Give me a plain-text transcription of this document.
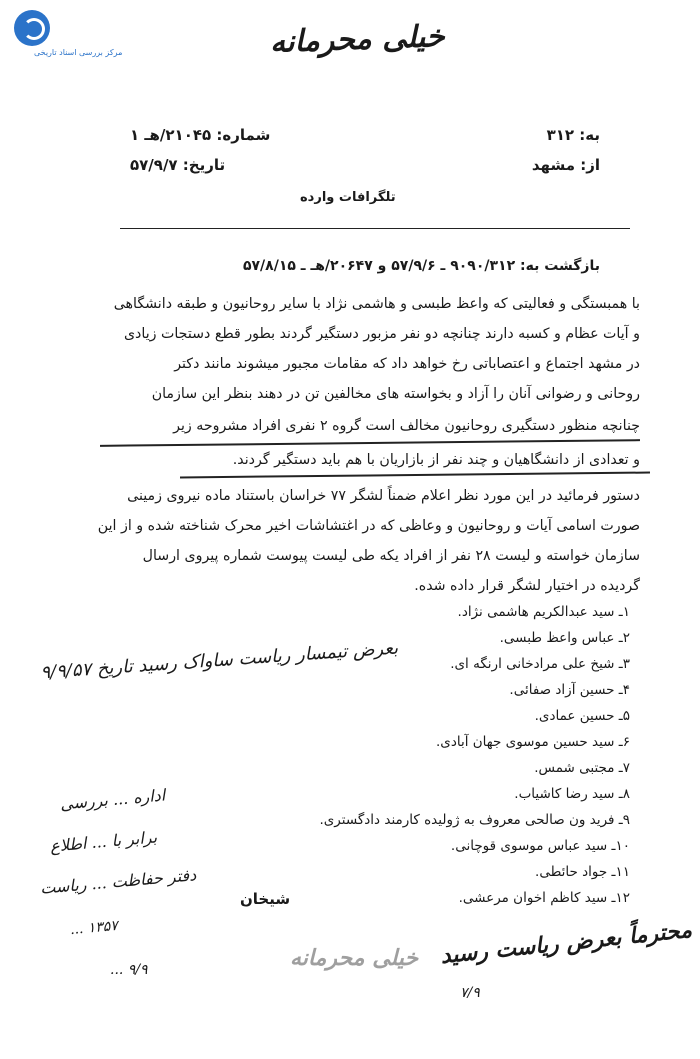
مرکز بررسی اسناد تاریخی	خیلی محرمانه
به: ۳۱۲
از: مشهد
شماره: ۲۱۰۴۵/هـ ۱
تاریخ: ۵۷/۹/۷
تلگرافات وارده
بازگشت به: ۹۰۹۰/۳۱۲ ـ ۵۷/۹/۶ و ۲۰۶۴۷/هـ ـ ۵۷/۸/۱۵
با همبستگی و فعالیتی که واعظ طبسی و هاشمی نژاد با سایر روحانیون و طبقه دانشگاهی
و آیات عظام و کسبه دارند چنانچه دو نفر مزبور دستگیر گردند بطور قطع دستجات زیادی
در مشهد اجتماع و اعتصاباتی رخ خواهد داد که مقامات مجبور میشوند مانند دکتر
روحانی و رضوانی آنان را آزاد و بخواسته های مخالفین تن در دهند بنظر این سازمان
چنانچه منظور دستگیری روحانیون مخالف است گروه ۲ نفری افراد مشروحه زیر
و تعدادی از دانشگاهیان و چند نفر از بازاریان با هم باید دستگیر گردند.
دستور فرمائید در این مورد نظر اعلام ضمناً لشگر ۷۷ خراسان باستناد ماده نیروی زمینی
صورت اسامی آیات و روحانیون و وعاظی که در اغتشاشات اخیر محرک شناخته شده و از این
سازمان خواسته و لیست ۲۸ نفر از افراد یکه طی لیست پیوست شماره پیروی ارسال
گردیده در اختیار لشگر قرار داده شده.
۱ـ سید عبدالکریم هاشمی نژاد.
۲ـ عباس واعظ طبسی.
۳ـ شیخ علی مرادخانی ارنگه ای.
۴ـ حسین آزاد صفائی.
۵ـ حسین عمادی.
۶ـ سید حسین موسوی جهان آبادی.
۷ـ مجتبی شمس.
۸ـ سید رضا کاشیاب.
۹ـ فرید ون صالحی معروف به ژولیده کارمند دادگستری.
۱۰ـ سید عباس موسوی قوچانی.
۱۱ـ جواد حائطی.
۱۲ـ سید کاظم اخوان مرعشی.
شیخان
بعرض تیمسار ریاست ساواک رسید تاریخ ۹/۹/۵۷
اداره ... بررسی
برابر با ... اطلاع
دفتر حفاظت ... ریاست
... ۱۳۵۷
... ۹/۹
محترماً بعرض ریاست رسید
خیلی محرمانه
۷/۹
